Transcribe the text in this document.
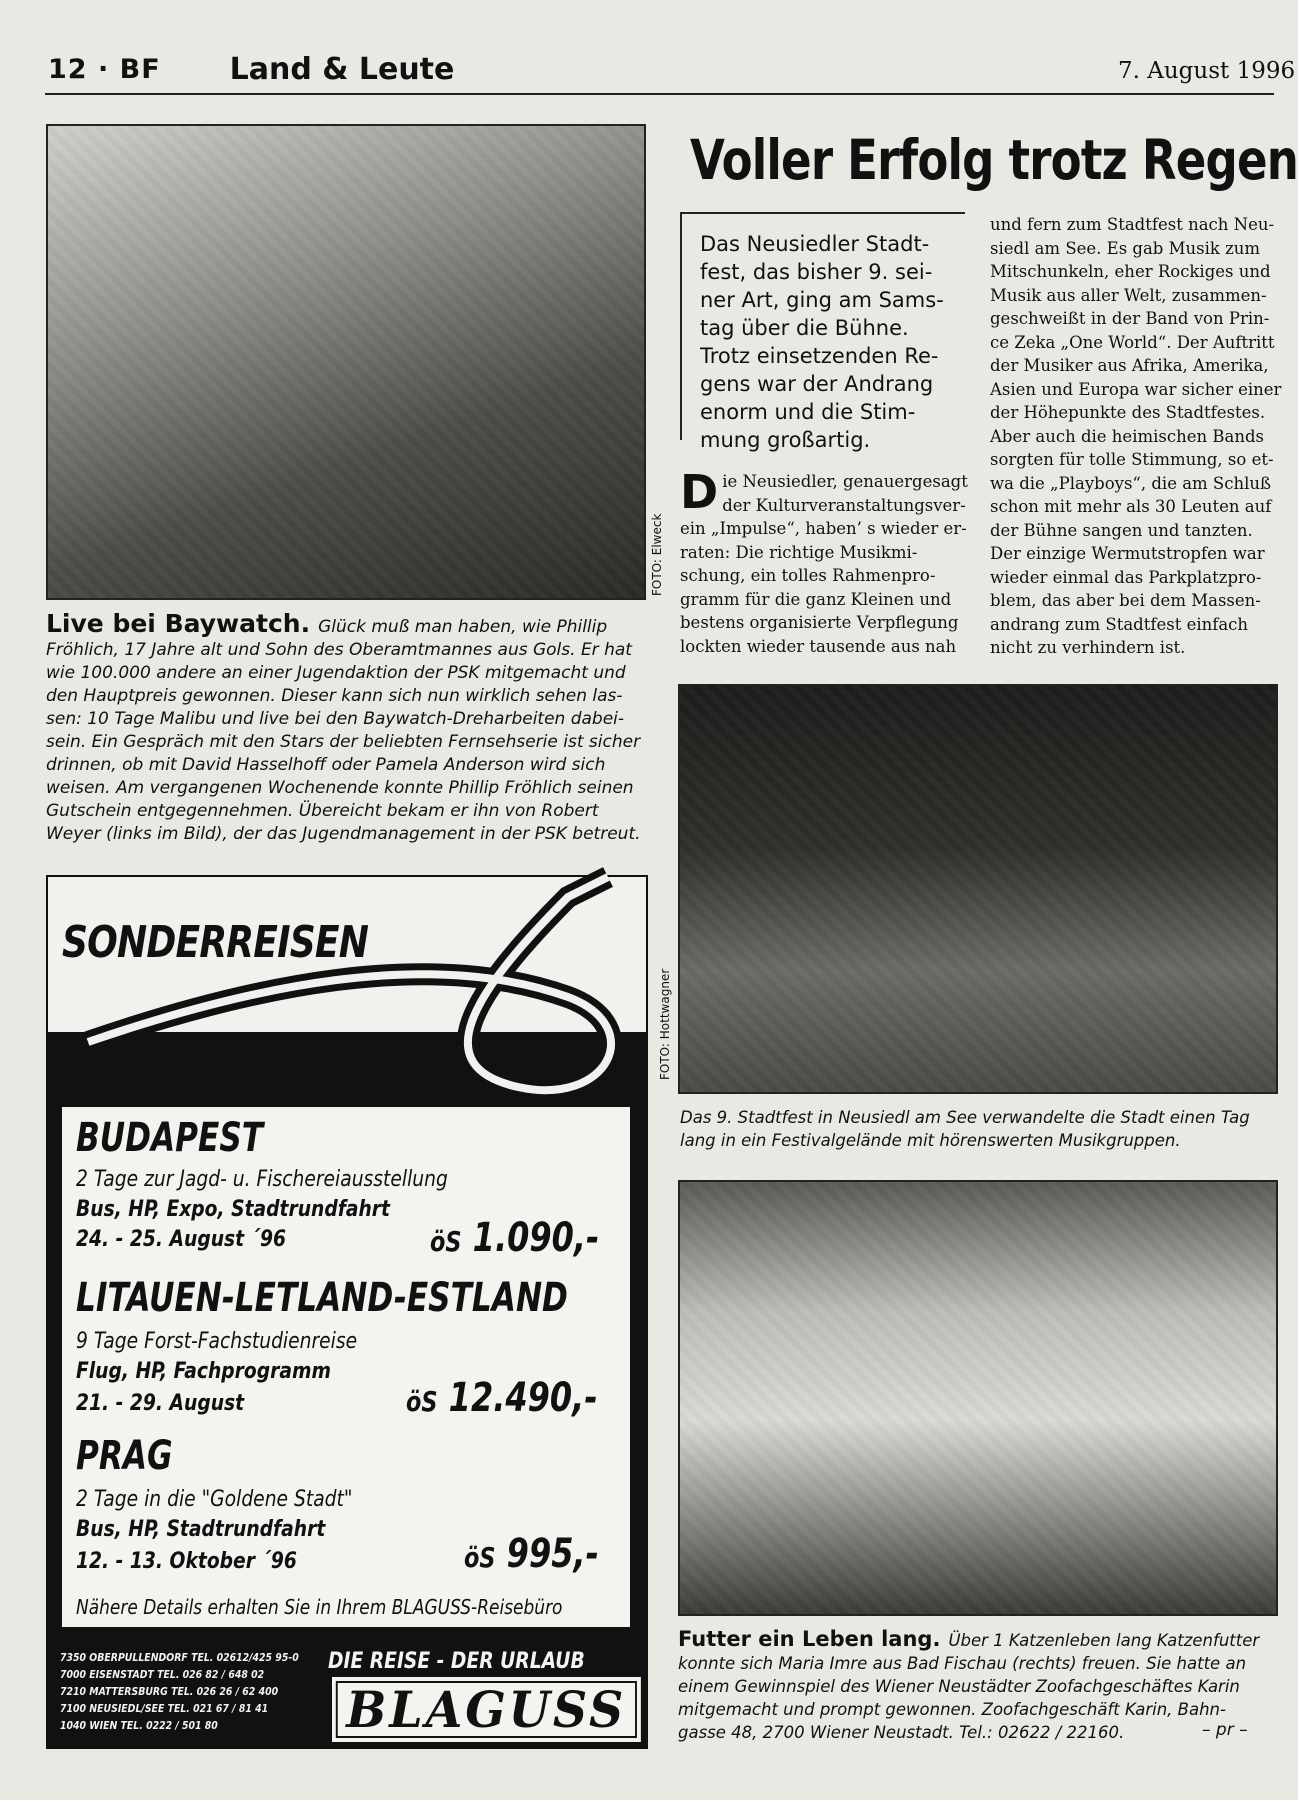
12 · BF	Land & Leute	7. August 1996
FOTO: Elweck
Live bei Baywatch. Glück muß man haben, wie Phillip
Fröhlich, 17 Jahre alt und Sohn des Oberamtmannes aus Gols. Er hat
wie 100.000 andere an einer Jugendaktion der PSK mitgemacht und
den Hauptpreis gewonnen. Dieser kann sich nun wirklich sehen las-
sen: 10 Tage Malibu und live bei den Baywatch-Dreharbeiten dabei-
sein. Ein Gespräch mit den Stars der beliebten Fernsehserie ist sicher
drinnen, ob mit David Hasselhoff oder Pamela Anderson wird sich
weisen. Am vergangenen Wochenende konnte Phillip Fröhlich seinen
Gutschein entgegennehmen. Übereicht bekam er ihn von Robert
Weyer (links im Bild), der das Jugendmanagement in der PSK betreut.
Voller Erfolg trotz Regen
Das Neusiedler Stadt-
fest, das bisher 9. sei-
ner Art, ging am Sams-
tag über die Bühne.
Trotz einsetzenden Re-
gens war der Andrang
enorm und die Stim-
mung großartig.
D ie Neusiedler, genauergesagt
der Kulturveranstaltungsver-
ein „Impulse“, haben’ s wieder er-
raten: Die richtige Musikmi-
schung, ein tolles Rahmenpro-
gramm für die ganz Kleinen und
bestens organisierte Verpflegung
lockten wieder tausende aus nah
und fern zum Stadtfest nach Neu-
siedl am See. Es gab Musik zum
Mitschunkeln, eher Rockiges und
Musik aus aller Welt, zusammen-
geschweißt in der Band von Prin-
ce Zeka „One World“. Der Auftritt
der Musiker aus Afrika, Amerika,
Asien und Europa war sicher einer
der Höhepunkte des Stadtfestes.
Aber auch die heimischen Bands
sorgten für tolle Stimmung, so et-
wa die „Playboys“, die am Schluß
schon mit mehr als 30 Leuten auf
der Bühne sangen und tanzten.
Der einzige Wermutstropfen war
wieder einmal das Parkplatzpro-
blem, das aber bei dem Massen-
andrang zum Stadtfest einfach
nicht zu verhindern ist.
FOTO: Hottwagner
Das 9. Stadtfest in Neusiedl am See verwandelte die Stadt einen Tag
lang in ein Festivalgelände mit hörenswerten Musikgruppen.
Futter ein Leben lang. Über 1 Katzenleben lang Katzenfutter
konnte sich Maria Imre aus Bad Fischau (rechts) freuen. Sie hatte an
einem Gewinnspiel des Wiener Neustädter Zoofachgeschäftes Karin
mitgemacht und prompt gewonnen. Zoofachgeschäft Karin, Bahn-
gasse 48, 2700 Wiener Neustadt. Tel.: 02622 / 22160.	– pr –
SONDERREISEN
BUDAPEST
2 Tage zur Jagd- u. Fischereiausstellung
Bus, HP, Expo, Stadtrundfahrt
24. - 25. August ´96	öS 1.090,-
LITAUEN-LETLAND-ESTLAND
9 Tage Forst-Fachstudienreise
Flug, HP, Fachprogramm
21. - 29. August	öS 12.490,-
PRAG
2 Tage in die "Goldene Stadt"
Bus, HP, Stadtrundfahrt
12. - 13. Oktober ´96	öS 995,-
Nähere Details erhalten Sie in Ihrem BLAGUSS-Reisebüro
7350 OBERPULLENDORF TEL. 02612/425 95-0
7000 EISENSTADT TEL. 026 82 / 648 02
7210 MATTERSBURG TEL. 026 26 / 62 400
7100 NEUSIEDL/SEE TEL. 021 67 / 81 41
1040 WIEN TEL. 0222 / 501 80
DIE REISE - DER URLAUB
BLAGUSS
